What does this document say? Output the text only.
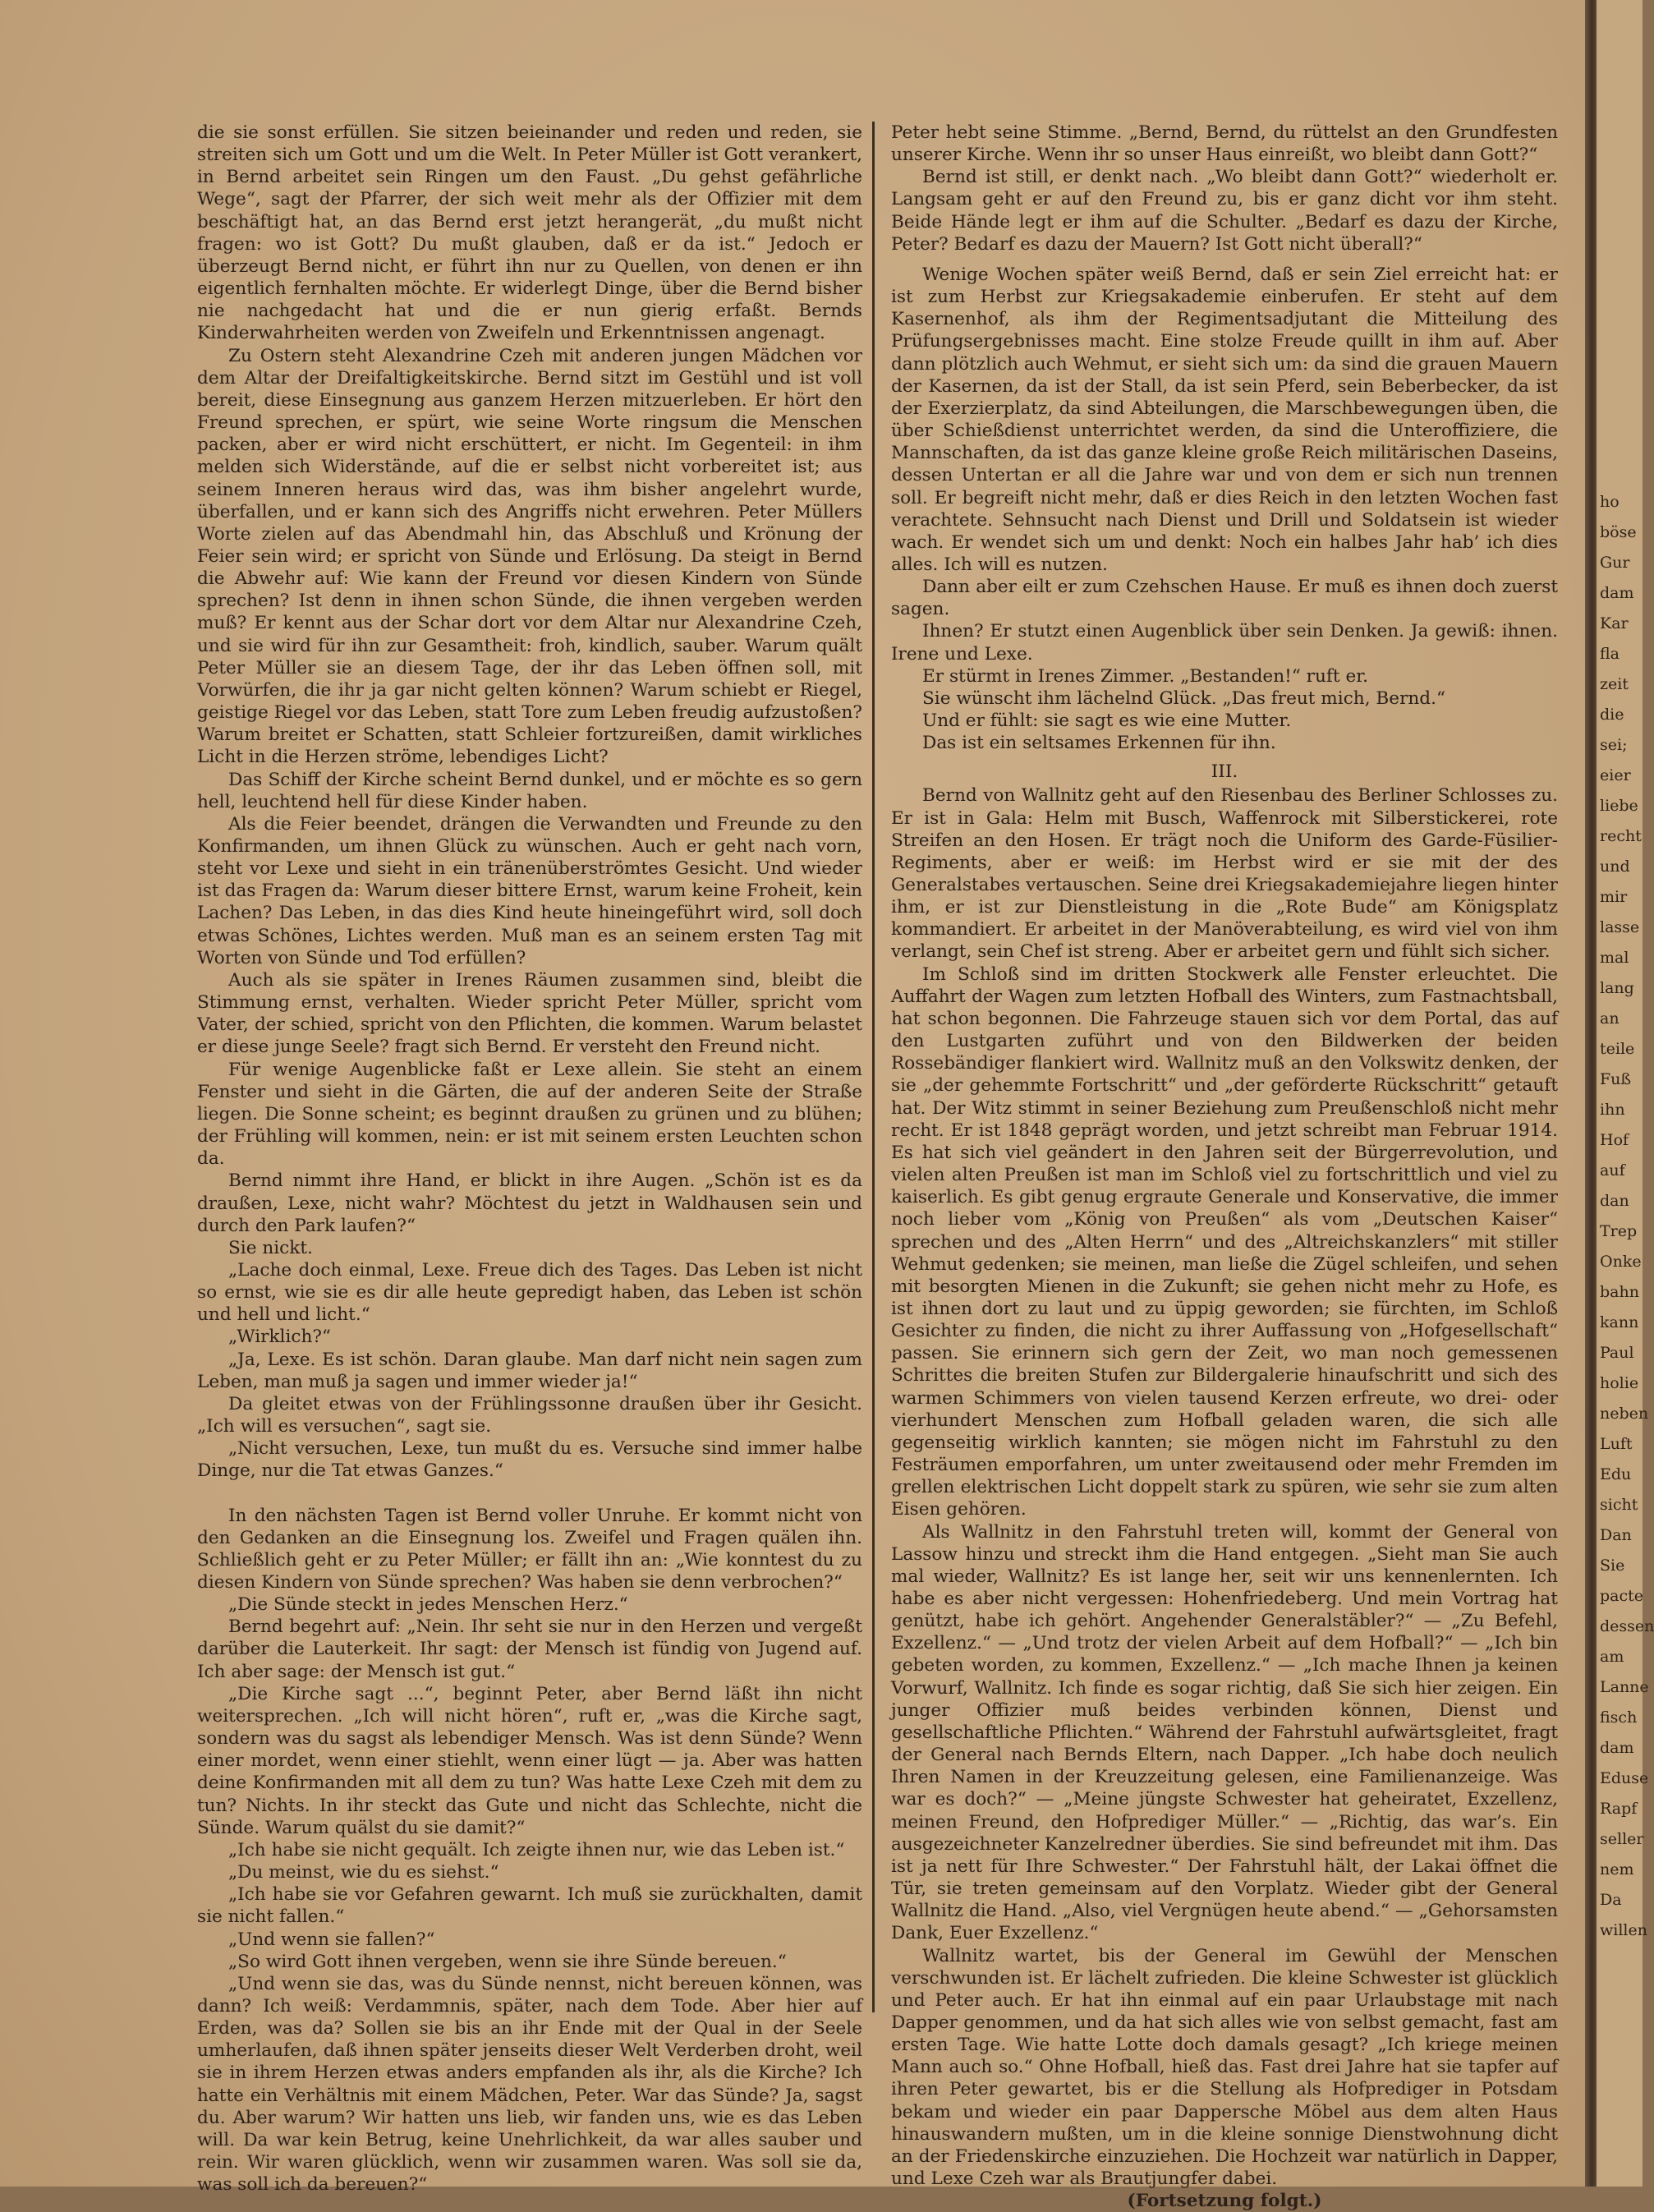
die sie sonst erfüllen. Sie sitzen beieinander und reden und reden, sie streiten sich um Gott und um die Welt. In Peter Müller ist Gott verankert, in Bernd arbeitet sein Ringen um den Faust. „Du gehst gefährliche Wege“, sagt der Pfarrer, der sich weit mehr als der Offizier mit dem beschäftigt hat, an das Bernd erst jetzt herangerät, „du mußt nicht fragen: wo ist Gott? Du mußt glauben, daß er da ist.“ Jedoch er überzeugt Bernd nicht, er führt ihn nur zu Quellen, von denen er ihn eigentlich fernhalten möchte. Er widerlegt Dinge, über die Bernd bisher nie nachgedacht hat und die er nun gierig erfaßt. Bernds Kinderwahrheiten werden von Zweifeln und Erkenntnissen angenagt.

Zu Ostern steht Alexandrine Czeh mit anderen jungen Mädchen vor dem Altar der Dreifaltigkeitskirche. Bernd sitzt im Gestühl und ist voll bereit, diese Einsegnung aus ganzem Herzen mitzuerleben. Er hört den Freund sprechen, er spürt, wie seine Worte ringsum die Menschen packen, aber er wird nicht erschüttert, er nicht. Im Gegenteil: in ihm melden sich Widerstände, auf die er selbst nicht vorbereitet ist; aus seinem Inneren heraus wird das, was ihm bisher angelehrt wurde, überfallen, und er kann sich des Angriffs nicht erwehren. Peter Müllers Worte zielen auf das Abendmahl hin, das Abschluß und Krönung der Feier sein wird; er spricht von Sünde und Erlösung. Da steigt in Bernd die Abwehr auf: Wie kann der Freund vor diesen Kindern von Sünde sprechen? Ist denn in ihnen schon Sünde, die ihnen vergeben werden muß? Er kennt aus der Schar dort vor dem Altar nur Alexandrine Czeh, und sie wird für ihn zur Gesamtheit: froh, kindlich, sauber. Warum quält Peter Müller sie an diesem Tage, der ihr das Leben öffnen soll, mit Vorwürfen, die ihr ja gar nicht gelten können? Warum schiebt er Riegel, geistige Riegel vor das Leben, statt Tore zum Leben freudig aufzustoßen? Warum breitet er Schatten, statt Schleier fortzureißen, damit wirkliches Licht in die Herzen ströme, lebendiges Licht?

Das Schiff der Kirche scheint Bernd dunkel, und er möchte es so gern hell, leuchtend hell für diese Kinder haben.

Als die Feier beendet, drängen die Verwandten und Freunde zu den Konfirmanden, um ihnen Glück zu wünschen. Auch er geht nach vorn, steht vor Lexe und sieht in ein tränenüberströmtes Gesicht. Und wieder ist das Fragen da: Warum dieser bittere Ernst, warum keine Froheit, kein Lachen? Das Leben, in das dies Kind heute hineingeführt wird, soll doch etwas Schönes, Lichtes werden. Muß man es an seinem ersten Tag mit Worten von Sünde und Tod erfüllen?

Auch als sie später in Irenes Räumen zusammen sind, bleibt die Stimmung ernst, verhalten. Wieder spricht Peter Müller, spricht vom Vater, der schied, spricht von den Pflichten, die kommen. Warum belastet er diese junge Seele? fragt sich Bernd. Er versteht den Freund nicht.

Für wenige Augenblicke faßt er Lexe allein. Sie steht an einem Fenster und sieht in die Gärten, die auf der anderen Seite der Straße liegen. Die Sonne scheint; es beginnt draußen zu grünen und zu blühen; der Frühling will kommen, nein: er ist mit seinem ersten Leuchten schon da.

Bernd nimmt ihre Hand, er blickt in ihre Augen. „Schön ist es da draußen, Lexe, nicht wahr? Möchtest du jetzt in Waldhausen sein und durch den Park laufen?“

Sie nickt.

„Lache doch einmal, Lexe. Freue dich des Tages. Das Leben ist nicht so ernst, wie sie es dir alle heute gepredigt haben, das Leben ist schön und hell und licht.“

„Wirklich?“

„Ja, Lexe. Es ist schön. Daran glaube. Man darf nicht nein sagen zum Leben, man muß ja sagen und immer wieder ja!“

Da gleitet etwas von der Frühlingssonne draußen über ihr Gesicht. „Ich will es versuchen“, sagt sie.

„Nicht versuchen, Lexe, tun mußt du es. Versuche sind immer halbe Dinge, nur die Tat etwas Ganzes.“

In den nächsten Tagen ist Bernd voller Unruhe. Er kommt nicht von den Gedanken an die Einsegnung los. Zweifel und Fragen quälen ihn. Schließlich geht er zu Peter Müller; er fällt ihn an: „Wie konntest du zu diesen Kindern von Sünde sprechen? Was haben sie denn verbrochen?“

„Die Sünde steckt in jedes Menschen Herz.“

Bernd begehrt auf: „Nein. Ihr seht sie nur in den Herzen und vergeßt darüber die Lauterkeit. Ihr sagt: der Mensch ist fündig von Jugend auf. Ich aber sage: der Mensch ist gut.“

„Die Kirche sagt ...“, beginnt Peter, aber Bernd läßt ihn nicht weitersprechen. „Ich will nicht hören“, ruft er, „was die Kirche sagt, sondern was du sagst als lebendiger Mensch. Was ist denn Sünde? Wenn einer mordet, wenn einer stiehlt, wenn einer lügt — ja. Aber was hatten deine Konfirmanden mit all dem zu tun? Was hatte Lexe Czeh mit dem zu tun? Nichts. In ihr steckt das Gute und nicht das Schlechte, nicht die Sünde. Warum quälst du sie damit?“

„Ich habe sie nicht gequält. Ich zeigte ihnen nur, wie das Leben ist.“

„Du meinst, wie du es siehst.“

„Ich habe sie vor Gefahren gewarnt. Ich muß sie zurückhalten, damit sie nicht fallen.“

„Und wenn sie fallen?“

„So wird Gott ihnen vergeben, wenn sie ihre Sünde bereuen.“

„Und wenn sie das, was du Sünde nennst, nicht bereuen können, was dann? Ich weiß: Verdammnis, später, nach dem Tode. Aber hier auf Erden, was da? Sollen sie bis an ihr Ende mit der Qual in der Seele umherlaufen, daß ihnen später jenseits dieser Welt Verderben droht, weil sie in ihrem Herzen etwas anders empfanden als ihr, als die Kirche? Ich hatte ein Verhältnis mit einem Mädchen, Peter. War das Sünde? Ja, sagst du. Aber warum? Wir hatten uns lieb, wir fanden uns, wie es das Leben will. Da war kein Betrug, keine Unehrlichkeit, da war alles sauber und rein. Wir waren glücklich, wenn wir zusammen waren. Was soll sie da, was soll ich da bereuen?“

Peter hebt seine Stimme. „Bernd, Bernd, du rüttelst an den Grundfesten unserer Kirche. Wenn ihr so unser Haus einreißt, wo bleibt dann Gott?“

Bernd ist still, er denkt nach. „Wo bleibt dann Gott?“ wiederholt er. Langsam geht er auf den Freund zu, bis er ganz dicht vor ihm steht. Beide Hände legt er ihm auf die Schulter. „Bedarf es dazu der Kirche, Peter? Bedarf es dazu der Mauern? Ist Gott nicht überall?“

Wenige Wochen später weiß Bernd, daß er sein Ziel erreicht hat: er ist zum Herbst zur Kriegsakademie einberufen. Er steht auf dem Kasernenhof, als ihm der Regimentsadjutant die Mitteilung des Prüfungsergebnisses macht. Eine stolze Freude quillt in ihm auf. Aber dann plötzlich auch Wehmut, er sieht sich um: da sind die grauen Mauern der Kasernen, da ist der Stall, da ist sein Pferd, sein Beberbecker, da ist der Exerzierplatz, da sind Abteilungen, die Marschbewegungen üben, die über Schießdienst unterrichtet werden, da sind die Unteroffiziere, die Mannschaften, da ist das ganze kleine große Reich militärischen Daseins, dessen Untertan er all die Jahre war und von dem er sich nun trennen soll. Er begreift nicht mehr, daß er dies Reich in den letzten Wochen fast verachtete. Sehnsucht nach Dienst und Drill und Soldatsein ist wieder wach. Er wendet sich um und denkt: Noch ein halbes Jahr hab’ ich dies alles. Ich will es nutzen.

Dann aber eilt er zum Czehschen Hause. Er muß es ihnen doch zuerst sagen.

Ihnen? Er stutzt einen Augenblick über sein Denken. Ja gewiß: ihnen. Irene und Lexe.

Er stürmt in Irenes Zimmer. „Bestanden!“ ruft er.

Sie wünscht ihm lächelnd Glück. „Das freut mich, Bernd.“

Und er fühlt: sie sagt es wie eine Mutter.

Das ist ein seltsames Erkennen für ihn.

III.

Bernd von Wallnitz geht auf den Riesenbau des Berliner Schlosses zu. Er ist in Gala: Helm mit Busch, Waffenrock mit Silberstickerei, rote Streifen an den Hosen. Er trägt noch die Uniform des Garde-Füsilier-Regiments, aber er weiß: im Herbst wird er sie mit der des Generalstabes vertauschen. Seine drei Kriegsakademiejahre liegen hinter ihm, er ist zur Dienstleistung in die „Rote Bude“ am Königsplatz kommandiert. Er arbeitet in der Manöverabteilung, es wird viel von ihm verlangt, sein Chef ist streng. Aber er arbeitet gern und fühlt sich sicher.

Im Schloß sind im dritten Stockwerk alle Fenster erleuchtet. Die Auffahrt der Wagen zum letzten Hofball des Winters, zum Fastnachtsball, hat schon begonnen. Die Fahrzeuge stauen sich vor dem Portal, das auf den Lustgarten zuführt und von den Bildwerken der beiden Rossebändiger flankiert wird. Wallnitz muß an den Volkswitz denken, der sie „der gehemmte Fortschritt“ und „der geförderte Rückschritt“ getauft hat. Der Witz stimmt in seiner Beziehung zum Preußenschloß nicht mehr recht. Er ist 1848 geprägt worden, und jetzt schreibt man Februar 1914. Es hat sich viel geändert in den Jahren seit der Bürgerrevolution, und vielen alten Preußen ist man im Schloß viel zu fortschrittlich und viel zu kaiserlich. Es gibt genug ergraute Generale und Konservative, die immer noch lieber vom „König von Preußen“ als vom „Deutschen Kaiser“ sprechen und des „Alten Herrn“ und des „Altreichskanzlers“ mit stiller Wehmut gedenken; sie meinen, man ließe die Zügel schleifen, und sehen mit besorgten Mienen in die Zukunft; sie gehen nicht mehr zu Hofe, es ist ihnen dort zu laut und zu üppig geworden; sie fürchten, im Schloß Gesichter zu finden, die nicht zu ihrer Auffassung von „Hofgesellschaft“ passen. Sie erinnern sich gern der Zeit, wo man noch gemessenen Schrittes die breiten Stufen zur Bildergalerie hinaufschritt und sich des warmen Schimmers von vielen tausend Kerzen erfreute, wo drei- oder vierhundert Menschen zum Hofball geladen waren, die sich alle gegenseitig wirklich kannten; sie mögen nicht im Fahrstuhl zu den Festräumen emporfahren, um unter zweitausend oder mehr Fremden im grellen elektrischen Licht doppelt stark zu spüren, wie sehr sie zum alten Eisen gehören.

Als Wallnitz in den Fahrstuhl treten will, kommt der General von Lassow hinzu und streckt ihm die Hand entgegen. „Sieht man Sie auch mal wieder, Wallnitz? Es ist lange her, seit wir uns kennenlernten. Ich habe es aber nicht vergessen: Hohenfriedeberg. Und mein Vortrag hat genützt, habe ich gehört. Angehender Generalstäbler?“ — „Zu Befehl, Exzellenz.“ — „Und trotz der vielen Arbeit auf dem Hofball?“ — „Ich bin gebeten worden, zu kommen, Exzellenz.“ — „Ich mache Ihnen ja keinen Vorwurf, Wallnitz. Ich finde es sogar richtig, daß Sie sich hier zeigen. Ein junger Offizier muß beides verbinden können, Dienst und gesellschaftliche Pflichten.“ Während der Fahrstuhl aufwärtsgleitet, fragt der General nach Bernds Eltern, nach Dapper. „Ich habe doch neulich Ihren Namen in der Kreuzzeitung gelesen, eine Familienanzeige. Was war es doch?“ — „Meine jüngste Schwester hat geheiratet, Exzellenz, meinen Freund, den Hofprediger Müller.“ — „Richtig, das war’s. Ein ausgezeichneter Kanzelredner überdies. Sie sind befreundet mit ihm. Das ist ja nett für Ihre Schwester.“ Der Fahrstuhl hält, der Lakai öffnet die Tür, sie treten gemeinsam auf den Vorplatz. Wieder gibt der General Wallnitz die Hand. „Also, viel Vergnügen heute abend.“ — „Gehorsamsten Dank, Euer Exzellenz.“

Wallnitz wartet, bis der General im Gewühl der Menschen verschwunden ist. Er lächelt zufrieden. Die kleine Schwester ist glücklich und Peter auch. Er hat ihn einmal auf ein paar Urlaubstage mit nach Dapper genommen, und da hat sich alles wie von selbst gemacht, fast am ersten Tage. Wie hatte Lotte doch damals gesagt? „Ich kriege meinen Mann auch so.“ Ohne Hofball, hieß das. Fast drei Jahre hat sie tapfer auf ihren Peter gewartet, bis er die Stellung als Hofprediger in Potsdam bekam und wieder ein paar Dappersche Möbel aus dem alten Haus hinauswandern mußten, um in die kleine sonnige Dienstwohnung dicht an der Friedenskirche einzuziehen. Die Hochzeit war natürlich in Dapper, und Lexe Czeh war als Brautjungfer dabei.

(Fortsetzung folgt.)

ho
böse
Gur
dam
Kar
fla
zeit
die
sei;
eier
liebe
recht
und
mir
lasse
mal
lang
an
teile
Fuß
ihn
Hof
auf
dan
Trep
Onke
bahn
kann
Paul
holie
neben
Luft
Edu
sicht
Dan
Sie
pacte
dessen
am
Lanne
fisch
dam
Eduse
Rapf
seller
nem
Da
willen
